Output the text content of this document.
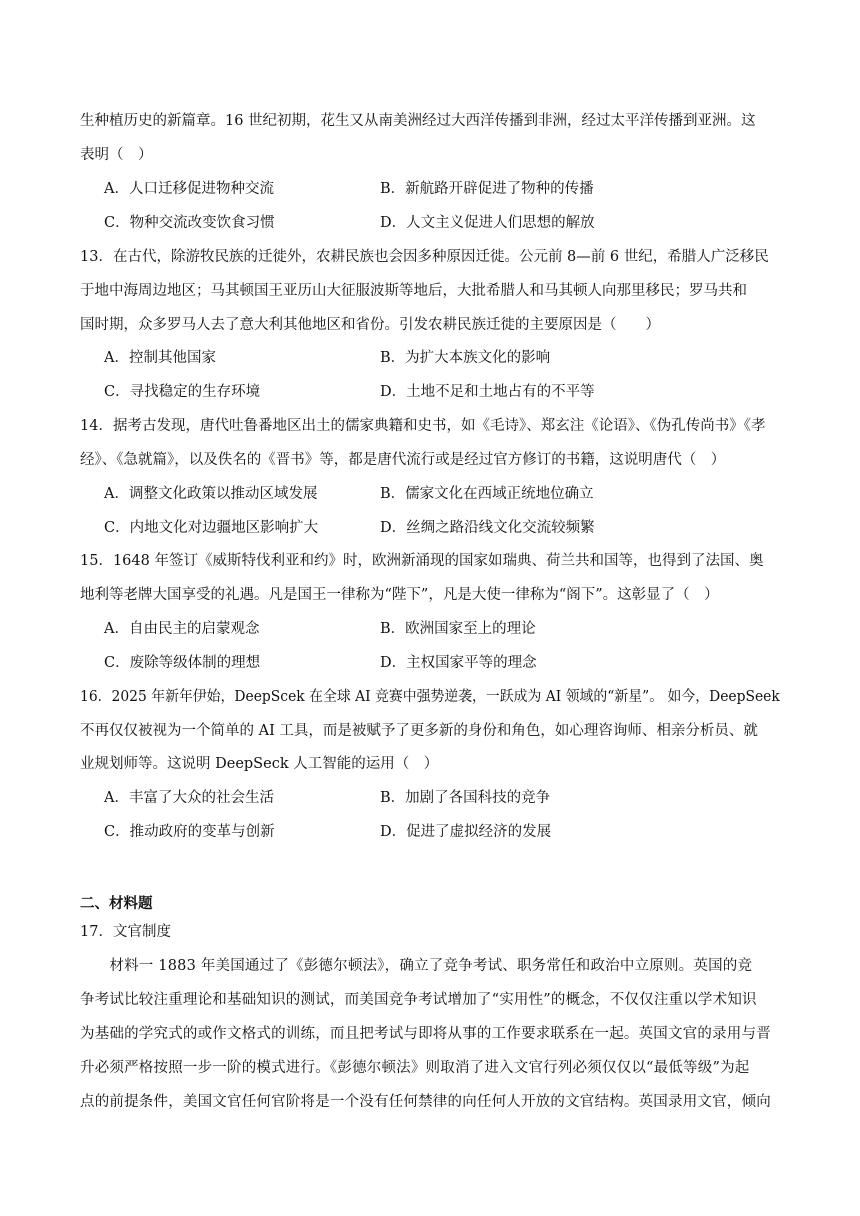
生种植历史的新篇章。16 世纪初期，花生又从南美洲经过大西洋传播到非洲，经过太平洋传播到亚洲。这
表明（　）
A．人口迁移促进物种交流	B．新航路开辟促进了物种的传播
C．物种交流改变饮食习惯	D．人文主义促进人们思想的解放
13．在古代，除游牧民族的迁徙外，农耕民族也会因多种原因迁徙。公元前 8—前 6 世纪，希腊人广泛移民
于地中海周边地区；马其顿国王亚历山大征服波斯等地后，大批希腊人和马其顿人向那里移民；罗马共和
国时期，众多罗马人去了意大利其他地区和省份。引发农耕民族迁徙的主要原因是（　　）
A．控制其他国家	B．为扩大本族文化的影响
C．寻找稳定的生存环境	D．土地不足和土地占有的不平等
14．据考古发现，唐代吐鲁番地区出土的儒家典籍和史书，如《毛诗》、郑玄注《论语》、《伪孔传尚书》《孝
经》、《急就篇》，以及佚名的《晋书》等，都是唐代流行或是经过官方修订的书籍，这说明唐代（　）
A．调整文化政策以推动区域发展	B．儒家文化在西域正统地位确立
C．内地文化对边疆地区影响扩大	D．丝绸之路沿线文化交流较频繁
15．1648 年签订《威斯特伐利亚和约》时，欧洲新涌现的国家如瑞典、荷兰共和国等，也得到了法国、奥
地利等老牌大国享受的礼遇。凡是国王一律称为“陛下”，凡是大使一律称为“阁下”。这彰显了（　）
A．自由民主的启蒙观念	B．欧洲国家至上的理论
C．废除等级体制的理想	D．主权国家平等的理念
16．2025 年新年伊始，DeepScek 在全球 AI 竞赛中强势逆袭，一跃成为 AI 领域的“新星”。 如今，DeepSeek
不再仅仅被视为一个简单的 AI 工具，而是被赋予了更多新的身份和角色，如心理咨询师、相亲分析员、就
业规划师等。这说明 DeepSeck 人工智能的运用（　）
A．丰富了大众的社会生活	B．加剧了各国科技的竞争
C．推动政府的变革与创新	D．促进了虚拟经济的发展
二、材料题
17．文官制度
　　材料一 1883 年美国通过了《彭德尔顿法》，确立了竞争考试、职务常任和政治中立原则。英国的竞
争考试比较注重理论和基础知识的测试，而美国竞争考试增加了“实用性”的概念，不仅仅注重以学术知识
为基础的学究式的或作文格式的训练，而且把考试与即将从事的工作要求联系在一起。英国文官的录用与晋
升必须严格按照一步一阶的模式进行。《彭德尔顿法》则取消了进入文官行列必须仅仅以“最低等级”为起
点的前提条件，美国文官任何官阶将是一个没有任何禁律的向任何人开放的文官结构。英国录用文官，倾向
